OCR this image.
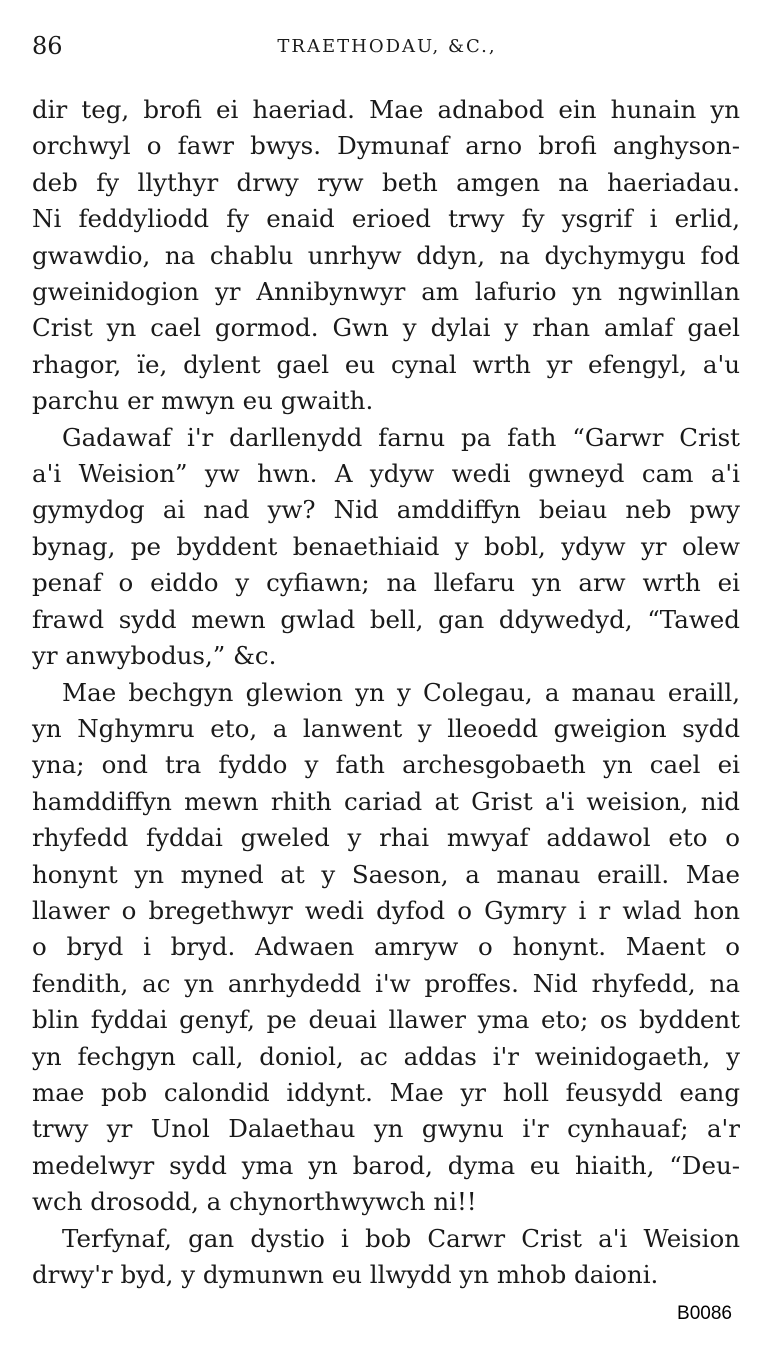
86	TRAETHODAU, &C.,
dir teg, brofi ei haeriad. Mae adnabod ein hunain yn
orchwyl o fawr bwys. Dymunaf arno brofi anghyson-
deb fy llythyr drwy ryw beth amgen na haeriadau.
Ni feddyliodd fy enaid erioed trwy fy ysgrif i erlid,
gwawdio, na chablu unrhyw ddyn, na dychymygu fod
gweinidogion yr Annibynwyr am lafurio yn ngwinllan
Crist yn cael gormod. Gwn y dylai y rhan amlaf gael
rhagor, ïe, dylent gael eu cynal wrth yr efengyl, a'u
parchu er mwyn eu gwaith.
Gadawaf i'r darllenydd farnu pa fath “Garwr Crist
a'i Weision” yw hwn. A ydyw wedi gwneyd cam a'i
gymydog ai nad yw? Nid amddiffyn beiau neb pwy
bynag, pe byddent benaethiaid y bobl, ydyw yr olew
penaf o eiddo y cyfiawn; na llefaru yn arw wrth ei
frawd sydd mewn gwlad bell, gan ddywedyd, “Tawed
yr anwybodus,” &c.
Mae bechgyn glewion yn y Colegau, a manau eraill,
yn Nghymru eto, a lanwent y lleoedd gweigion sydd
yna; ond tra fyddo y fath archesgobaeth yn cael ei
hamddiffyn mewn rhith cariad at Grist a'i weision, nid
rhyfedd fyddai gweled y rhai mwyaf addawol eto o
honynt yn myned at y Saeson, a manau eraill. Mae
llawer o bregethwyr wedi dyfod o Gymry i r wlad hon
o bryd i bryd. Adwaen amryw o honynt. Maent o
fendith, ac yn anrhydedd i'w proffes. Nid rhyfedd, na
blin fyddai genyf, pe deuai llawer yma eto; os byddent
yn fechgyn call, doniol, ac addas i'r weinidogaeth, y
mae pob calondid iddynt. Mae yr holl feusydd eang
trwy yr Unol Dalaethau yn gwynu i'r cynhauaf; a'r
medelwyr sydd yma yn barod, dyma eu hiaith, “Deu-
wch drosodd, a chynorthwywch ni!!
Terfynaf, gan dystio i bob Carwr Crist a'i Weision
drwy'r byd, y dymunwn eu llwydd yn mhob daioni.
B0086
